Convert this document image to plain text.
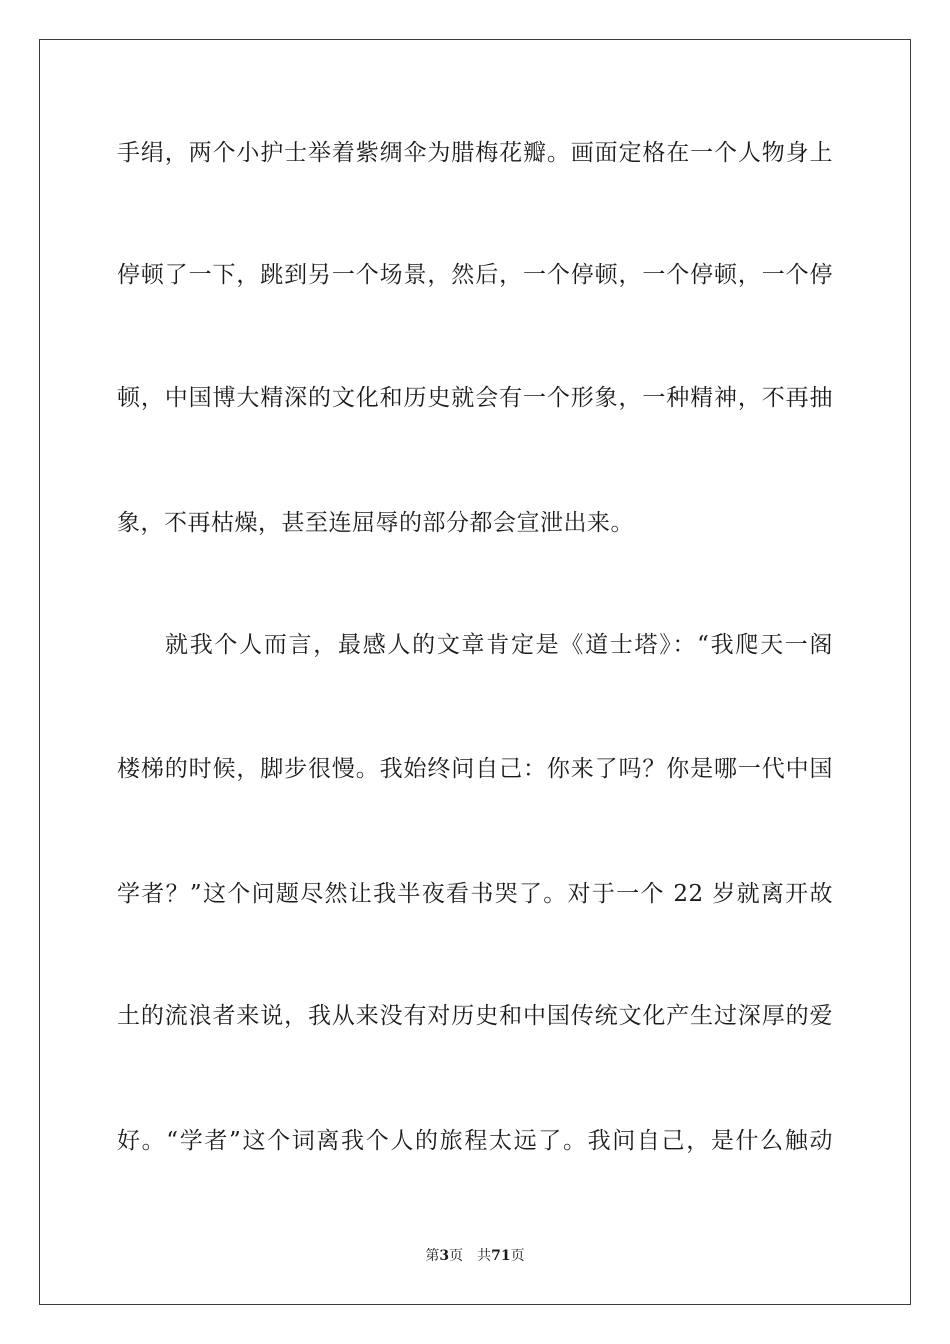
手绢，两个小护士举着紫绸伞为腊梅花瓣。画面定格在一个人物身上
停顿了一下，跳到另一个场景，然后，一个停顿，一个停顿，一个停
顿，中国博大精深的文化和历史就会有一个形象，一种精神，不再抽
象，不再枯燥，甚至连屈辱的部分都会宣泄出来。
就我个人而言，最感人的文章肯定是《道士塔》：“我爬天一阁
楼梯的时候，脚步很慢。我始终问自己：你来了吗？你是哪一代中国
学者？”这个问题尽然让我半夜看书哭了。对于一个 22 岁就离开故
土的流浪者来说，我从来没有对历史和中国传统文化产生过深厚的爱
好。“学者”这个词离我个人的旅程太远了。我问自己，是什么触动
第3页 共71页
